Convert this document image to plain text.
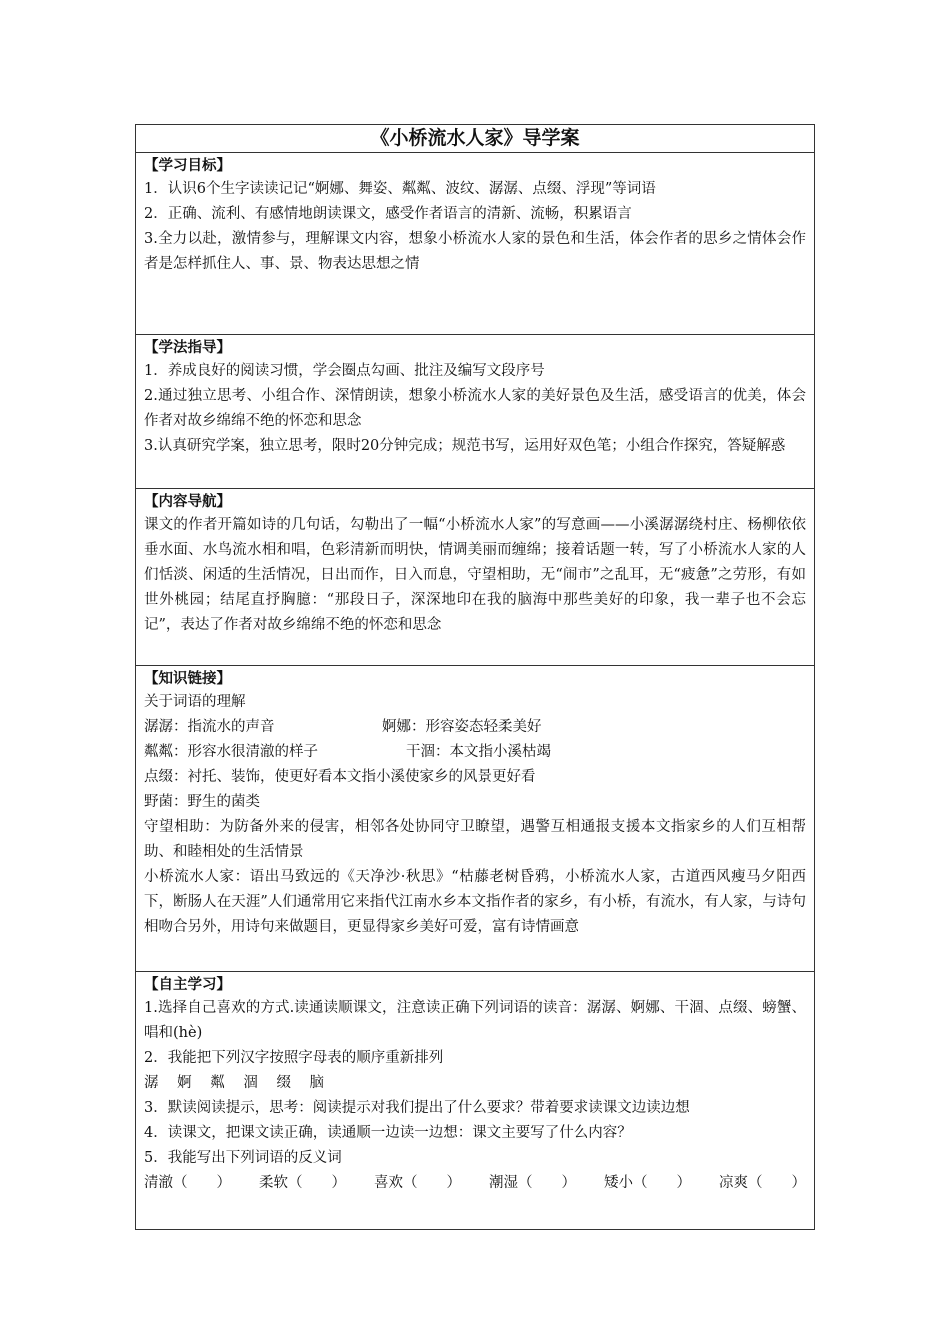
《小桥流水人家》导学案
【学习目标】
1．认识6个生字读读记记“婀娜、舞姿、粼粼、波纹、潺潺、点缀、浮现”等词语
2．正确、流利、有感情地朗读课文，感受作者语言的清新、流畅，积累语言
3.全力以赴，激情参与，理解课文内容，想象小桥流水人家的景色和生活，体会作者的思乡之情体会作者是怎样抓住人、事、景、物表达思想之情
【学法指导】
1．养成良好的阅读习惯，学会圈点勾画、批注及编写文段序号
2.通过独立思考、小组合作、深情朗读，想象小桥流水人家的美好景色及生活，感受语言的优美，体会作者对故乡绵绵不绝的怀恋和思念
3.认真研究学案，独立思考，限时20分钟完成；规范书写，运用好双色笔；小组合作探究，答疑解惑
【内容导航】
课文的作者开篇如诗的几句话，勾勒出了一幅“小桥流水人家”的写意画——小溪潺潺绕村庄、杨柳依依垂水面、水鸟流水相和唱，色彩清新而明快，情调美丽而缠绵；接着话题一转，写了小桥流水人家的人们恬淡、闲适的生活情况，日出而作，日入而息，守望相助，无“闹市”之乱耳，无“疲惫”之劳形，有如世外桃园；结尾直抒胸臆：“那段日子，深深地印在我的脑海中那些美好的印象，我一辈子也不会忘记”，表达了作者对故乡绵绵不绝的怀恋和思念
【知识链接】
关于词语的理解
潺潺：指流水的声音	婀娜：形容姿态轻柔美好
粼粼：形容水很清澈的样子	干涸：本文指小溪枯竭
点缀：衬托、装饰，使更好看本文指小溪使家乡的风景更好看
野菌：野生的菌类
守望相助：为防备外来的侵害，相邻各处协同守卫瞭望，遇警互相通报支援本文指家乡的人们互相帮助、和睦相处的生活情景
小桥流水人家：语出马致远的《天净沙·秋思》“枯藤老树昏鸦，小桥流水人家，古道西风瘦马夕阳西下，断肠人在天涯”人们通常用它来指代江南水乡本文指作者的家乡，有小桥，有流水，有人家，与诗句相吻合另外，用诗句来做题目，更显得家乡美好可爱，富有诗情画意
【自主学习】
1.选择自己喜欢的方式.读通读顺课文，注意读正确下列词语的读音：潺潺、婀娜、干涸、点缀、螃蟹、唱和(hè)
2．我能把下列汉字按照字母表的顺序重新排列
潺 婀 粼 涸 缀 脑
3．默读阅读提示，思考：阅读提示对我们提出了什么要求？带着要求读课文边读边想
4．读课文，把课文读正确，读通顺一边读一边想：课文主要写了什么内容？
5．我能写出下列词语的反义词
清澈（　　） 柔软（　　） 喜欢（　　） 潮湿（　　） 矮小（　　） 凉爽（　　）
